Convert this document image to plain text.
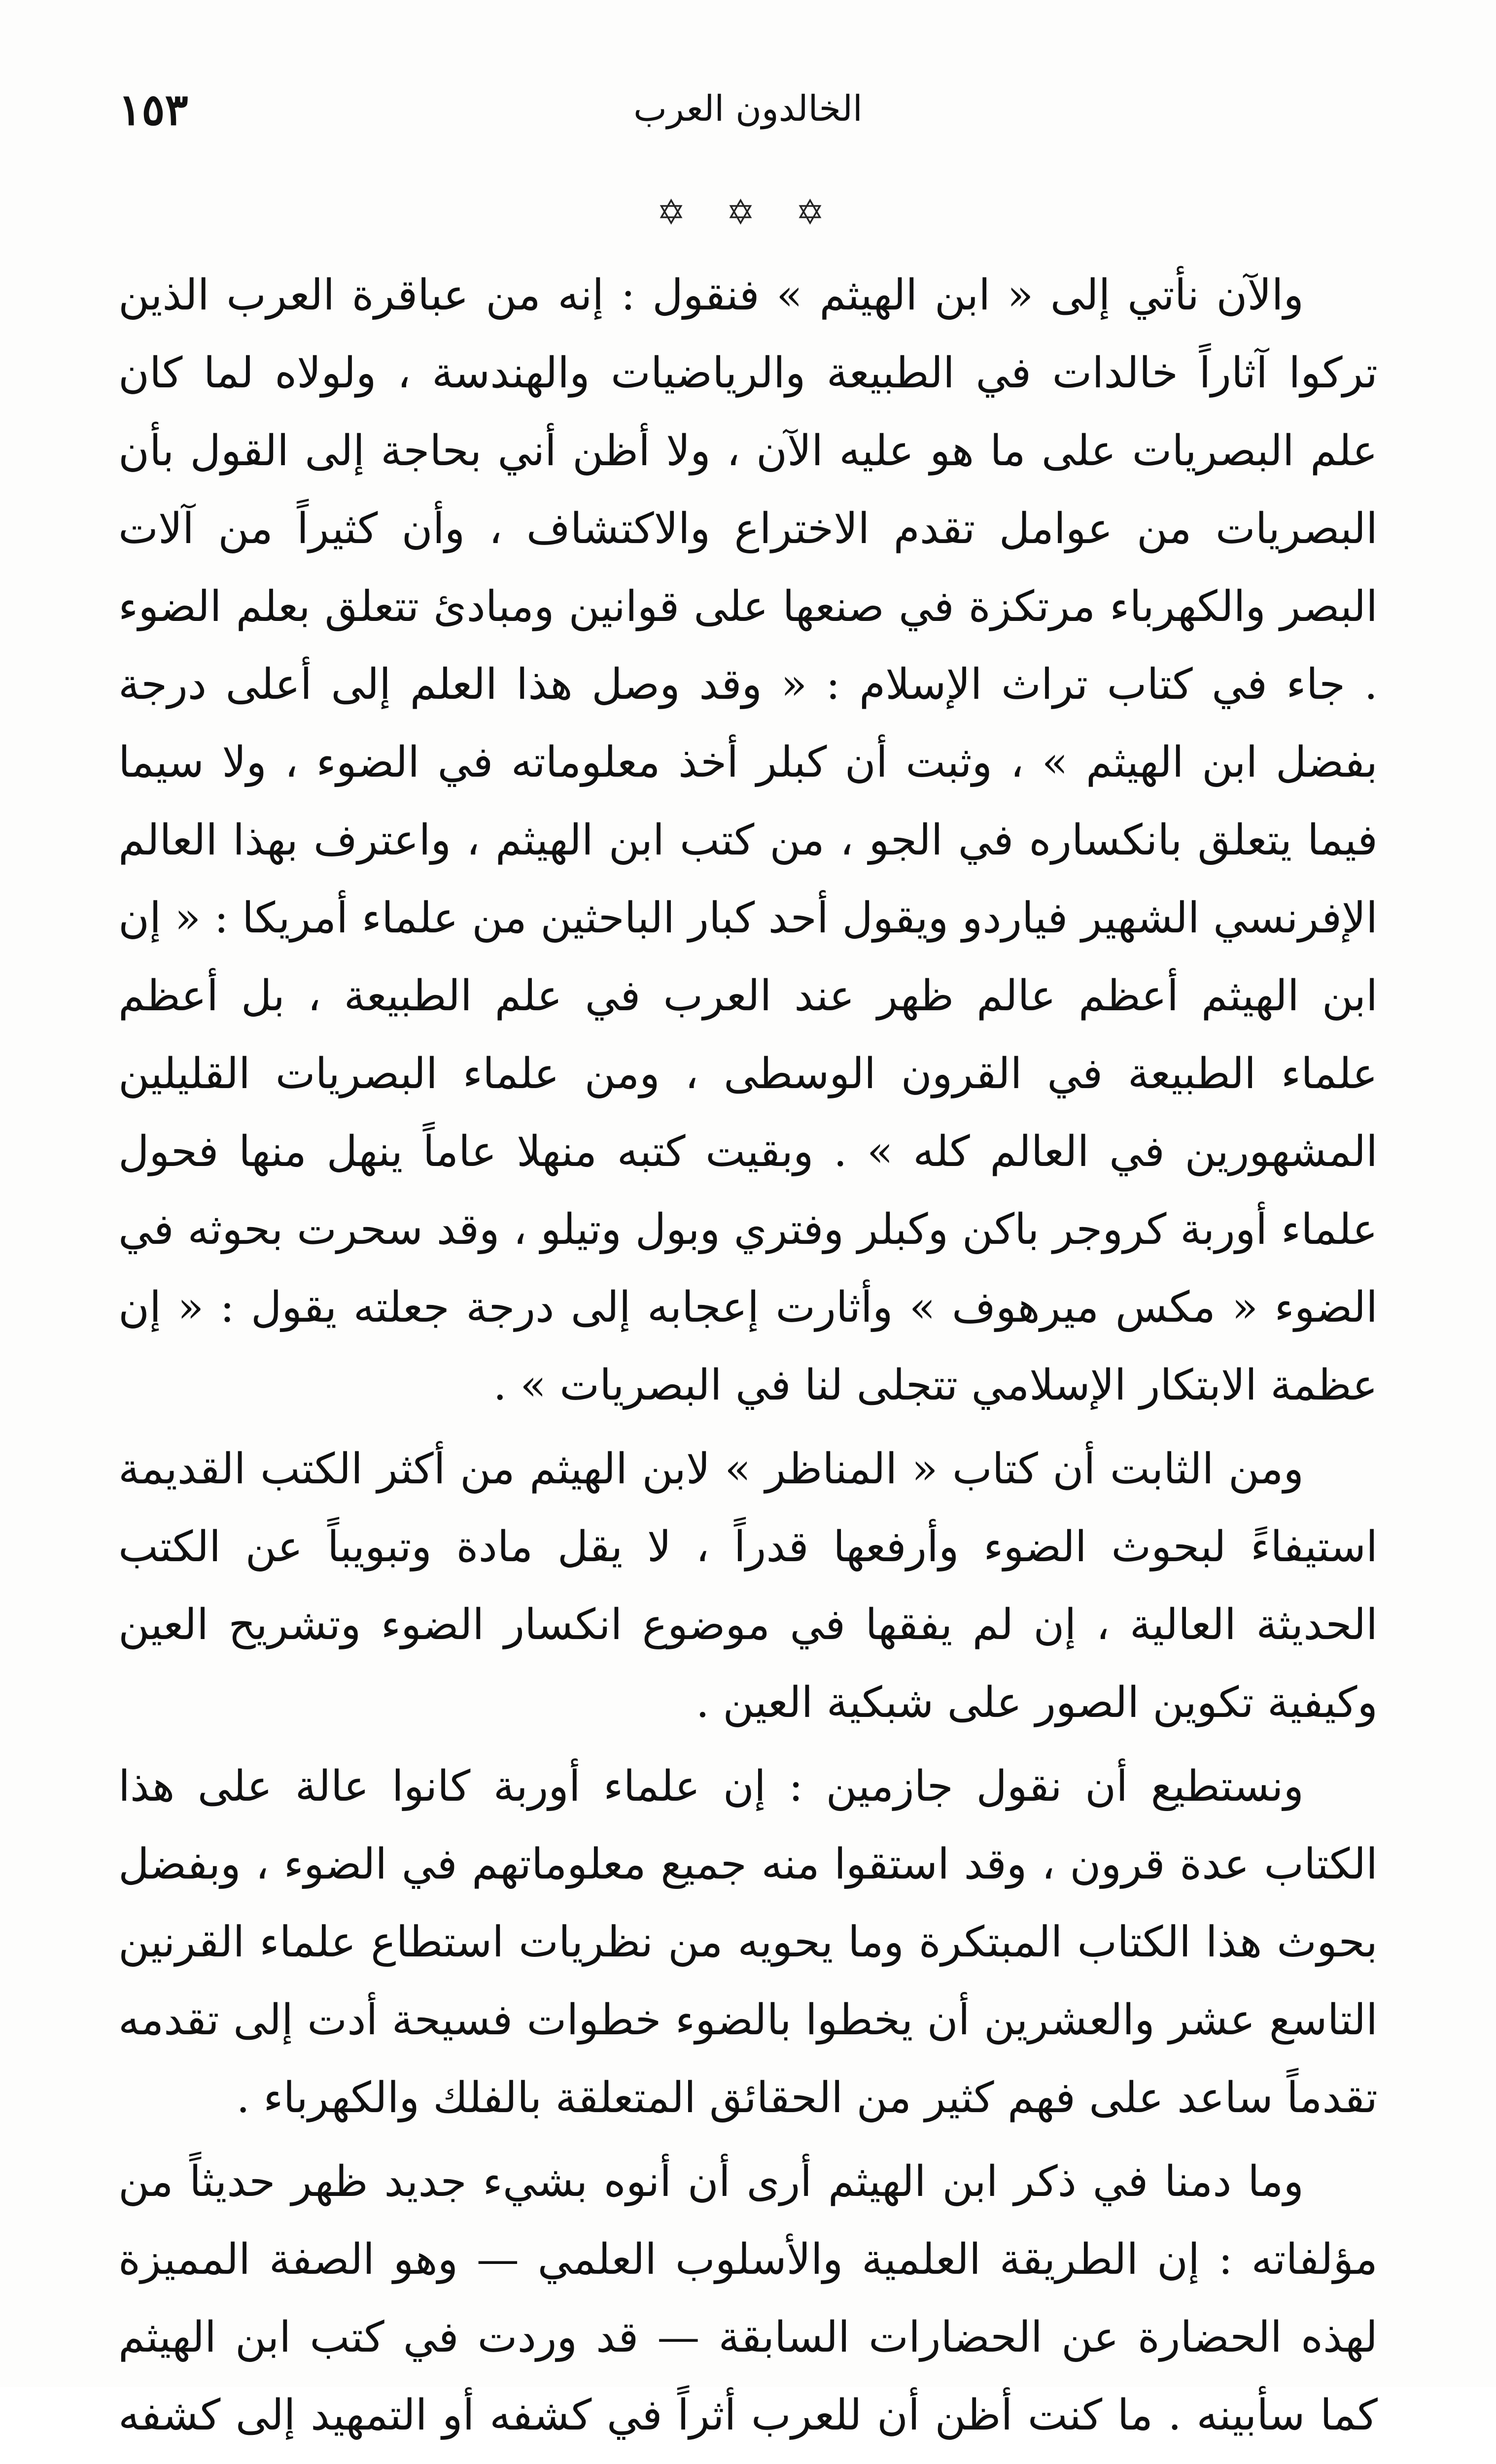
١٥٣	الخالدون العرب
✡ ✡ ✡

والآن نأتي إلى « ابن الهيثم » فنقول : إنه من عباقرة العرب الذين تركوا آثاراً خالدات في الطبيعة والرياضيات والهندسة ، ولولاه لما كان علم البصريات على ما هو عليه الآن ، ولا أظن أني بحاجة إلى القول بأن البصريات من عوامل تقدم الاختراع والاكتشاف ، وأن كثيراً من آلات البصر والكهرباء مرتكزة في صنعها على قوانين ومبادئ تتعلق بعلم الضوء . جاء في كتاب تراث الإسلام : « وقد وصل هذا العلم إلى أعلى درجة بفضل ابن الهيثم » ، وثبت أن كبلر أخذ معلوماته في الضوء ، ولا سيما فيما يتعلق بانكساره في الجو ، من كتب ابن الهيثم ، واعترف بهذا العالم الإفرنسي الشهير فياردو ويقول أحد كبار الباحثين من علماء أمريكا : « إن ابن الهيثم أعظم عالم ظهر عند العرب في علم الطبيعة ، بل أعظم علماء الطبيعة في القرون الوسطى ، ومن علماء البصريات القليلين المشهورين في العالم كله » . وبقيت كتبه منهلا عاماً ينهل منها فحول علماء أوربة كروجر باكن وكبلر وفتري وبول وتيلو ، وقد سحرت بحوثه في الضوء « مكس ميرهوف » وأثارت إعجابه إلى درجة جعلته يقول : « إن عظمة الابتكار الإسلامي تتجلى لنا في البصريات » .

ومن الثابت أن كتاب « المناظر » لابن الهيثم من أكثر الكتب القديمة استيفاءً لبحوث الضوء وأرفعها قدراً ، لا يقل مادة وتبويباً عن الكتب الحديثة العالية ، إن لم يفقها في موضوع انكسار الضوء وتشريح العين وكيفية تكوين الصور على شبكية العين .

ونستطيع أن نقول جازمين : إن علماء أوربة كانوا عالة على هذا الكتاب عدة قرون ، وقد استقوا منه جميع معلوماتهم في الضوء ، وبفضل بحوث هذا الكتاب المبتكرة وما يحويه من نظريات استطاع علماء القرنين التاسع عشر والعشرين أن يخطوا بالضوء خطوات فسيحة أدت إلى تقدمه تقدماً ساعد على فهم كثير من الحقائق المتعلقة بالفلك والكهرباء .

وما دمنا في ذكر ابن الهيثم أرى أن أنوه بشيء جديد ظهر حديثاً من مؤلفاته : إن الطريقة العلمية والأسلوب العلمي — وهو الصفة المميزة لهذه الحضارة عن الحضارات السابقة — قد وردت في كتب ابن الهيثم كما سأبينه . ما كنت أظن أن للعرب أثراً في كشفه أو التمهيد إلى كشفه
